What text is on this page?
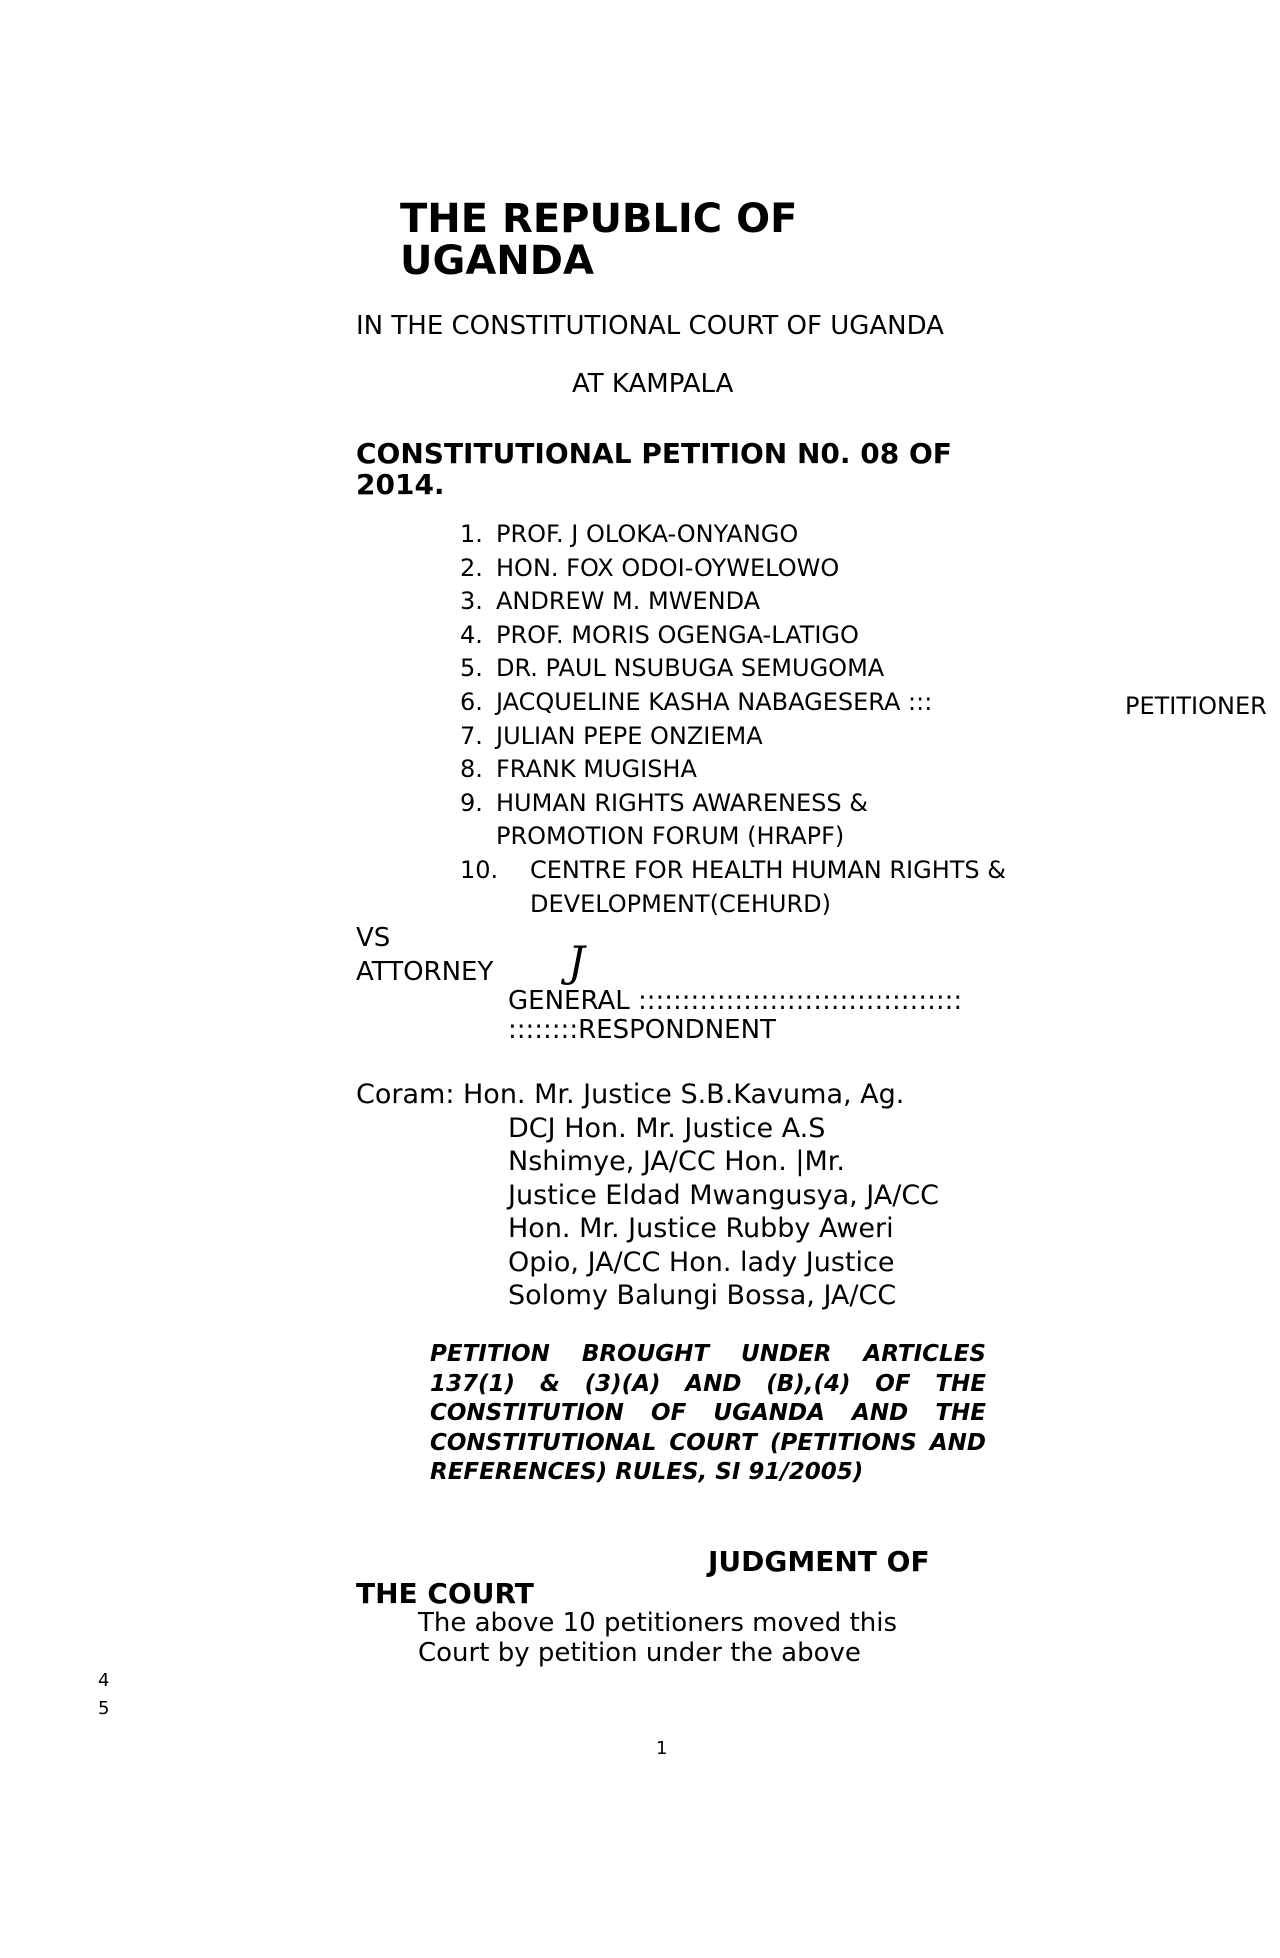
THE REPUBLIC OF UGANDA
IN THE CONSTITUTIONAL COURT OF UGANDA
AT KAMPALA
CONSTITUTIONAL PETITION N0. 08 OF 2014.
1. PROF. J OLOKA-ONYANGO
2. HON. FOX ODOI-OYWELOWO
3. ANDREW M. MWENDA
4. PROF. MORIS OGENGA-LATIGO
5. DR. PAUL NSUBUGA SEMUGOMA
6. JACQUELINE KASHA NABAGESERA :::
7. JULIAN PEPE ONZIEMA
8. FRANK MUGISHA
9. HUMAN RIGHTS AWARENESS &
PROMOTION FORUM (HRAPF)
10. CENTRE FOR HEALTH HUMAN RIGHTS &
DEVELOPMENT(CEHURD)
PETITIONER
VS
ATTORNEY J
GENERAL :::::::::::::::::::::::::::::::::::::
::::::::RESPONDNENT
Coram: Hon. Mr. Justice S.B.Kavuma, Ag.
DCJ Hon. Mr. Justice A.S
Nshimye, JA/CC Hon. |Mr.
Justice Eldad Mwangusya, JA/CC
Hon. Mr. Justice Rubby Aweri
Opio, JA/CC Hon. lady Justice
Solomy Balungi Bossa, JA/CC
PETITION BROUGHT UNDER ARTICLES 137(1) & (3)(A) AND (B),(4) OF THE CONSTITUTION OF UGANDA AND THE CONSTITUTIONAL COURT (PETITIONS AND REFERENCES) RULES, SI 91/2005)
JUDGMENT OF
THE COURT
The above 10 petitioners moved this
Court by petition under the above
4
5
1
